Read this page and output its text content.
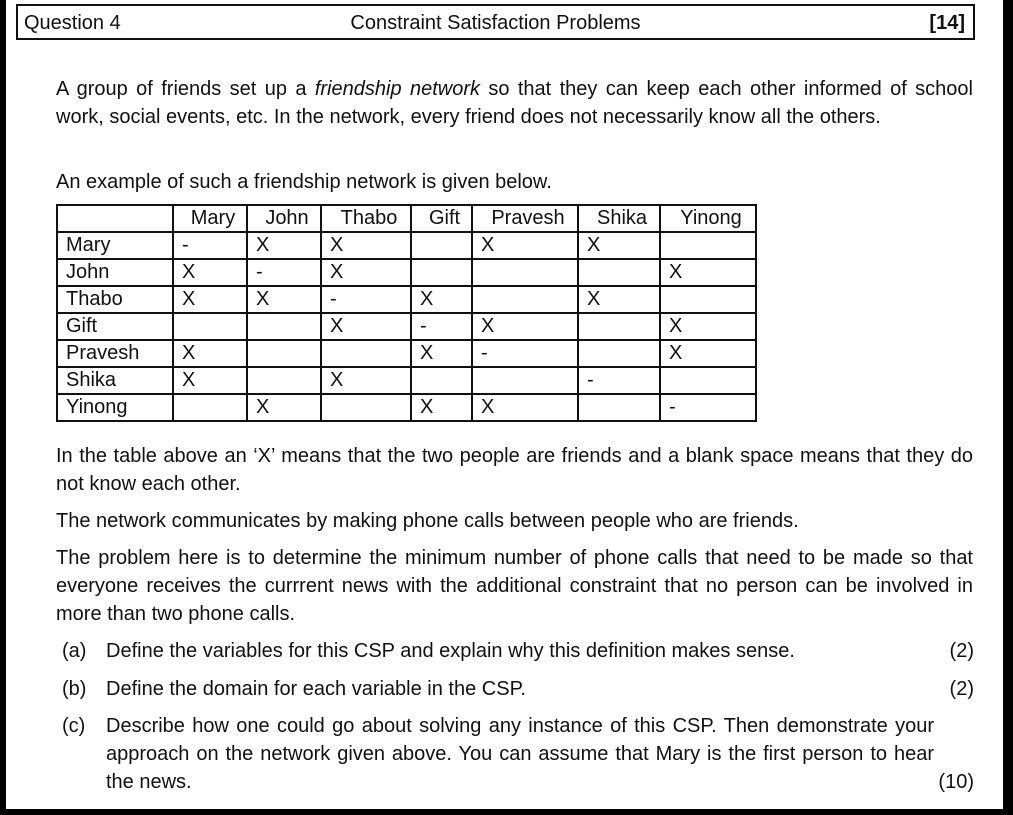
Question 4	Constraint Satisfaction Problems	[14]
A group of friends set up a friendship network so that they can keep each other informed of school work, social events, etc. In the network, every friend does not necessarily know all the others.
An example of such a friendship network is given below.
	Mary	John	Thabo	Gift	Pravesh	Shika	Yinong
Mary	-	X	X		X	X	
John	X	-	X				X
Thabo	X	X	-	X		X	
Gift			X	-	X		X
Pravesh	X			X	-		X
Shika	X		X			-	
Yinong		X		X	X		-
In the table above an ‘X’ means that the two people are friends and a blank space means that they do not know each other.
The network communicates by making phone calls between people who are friends.
The problem here is to determine the minimum number of phone calls that need to be made so that everyone receives the currrent news with the additional constraint that no person can be involved in more than two phone calls.
(a) Define the variables for this CSP and explain why this definition makes sense.	(2)
(b) Define the domain for each variable in the CSP.	(2)
(c) Describe how one could go about solving any instance of this CSP. Then demonstrate your approach on the network given above. You can assume that Mary is the first person to hear the news.	(10)
